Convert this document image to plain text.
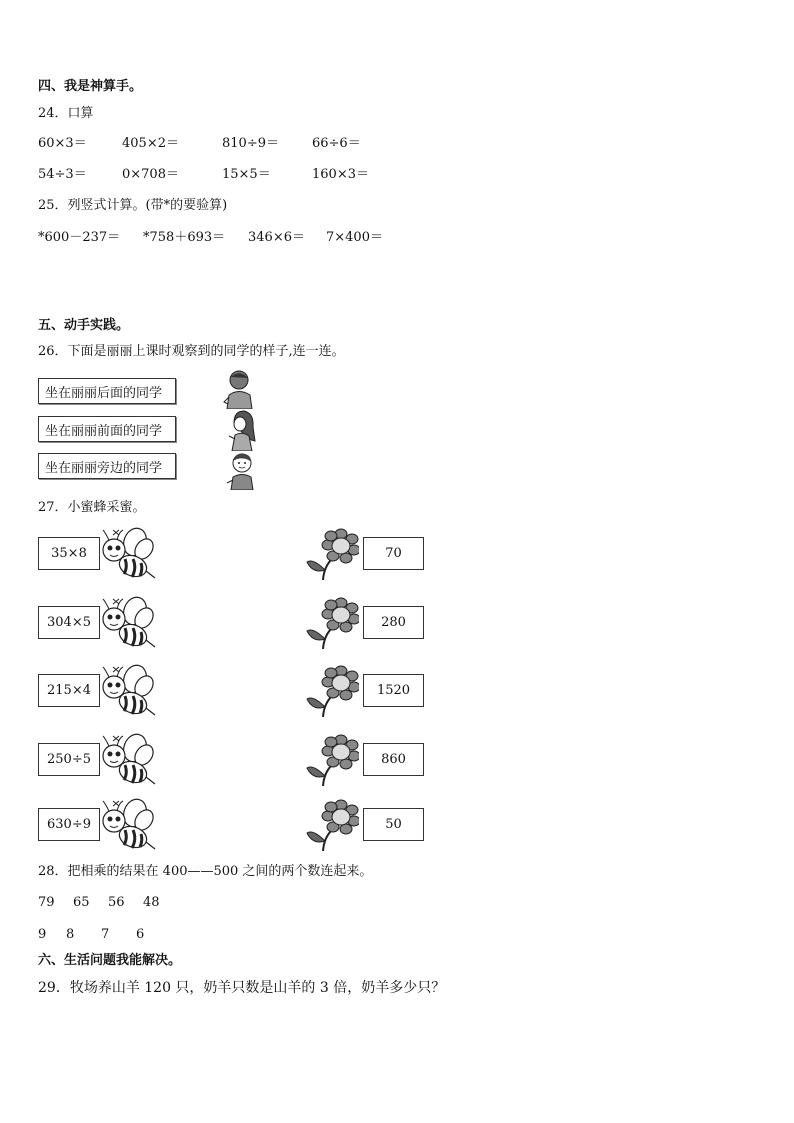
四、我是神算手。
24．口算
60×3＝	405×2＝	810÷9＝	66÷6＝
54÷3＝	0×708＝	15×5＝	160×3＝
25．列竖式计算。(带*的要验算)
*600－237＝ *758＋693＝ 346×6＝ 7×400＝
五、动手实践。
26．下面是丽丽上课时观察到的同学的样子,连一连。
坐在丽丽后面的同学
坐在丽丽前面的同学
坐在丽丽旁边的同学
27．小蜜蜂采蜜。
35×8
304×5
215×4
250÷5
630÷9
70
280
1520
860
50
28．把相乘的结果在 400——500 之间的两个数连起来。
79 65 56 48
9 8 7 6
六、生活问题我能解决。
29．牧场养山羊 120 只，奶羊只数是山羊的 3 倍，奶羊多少只？
